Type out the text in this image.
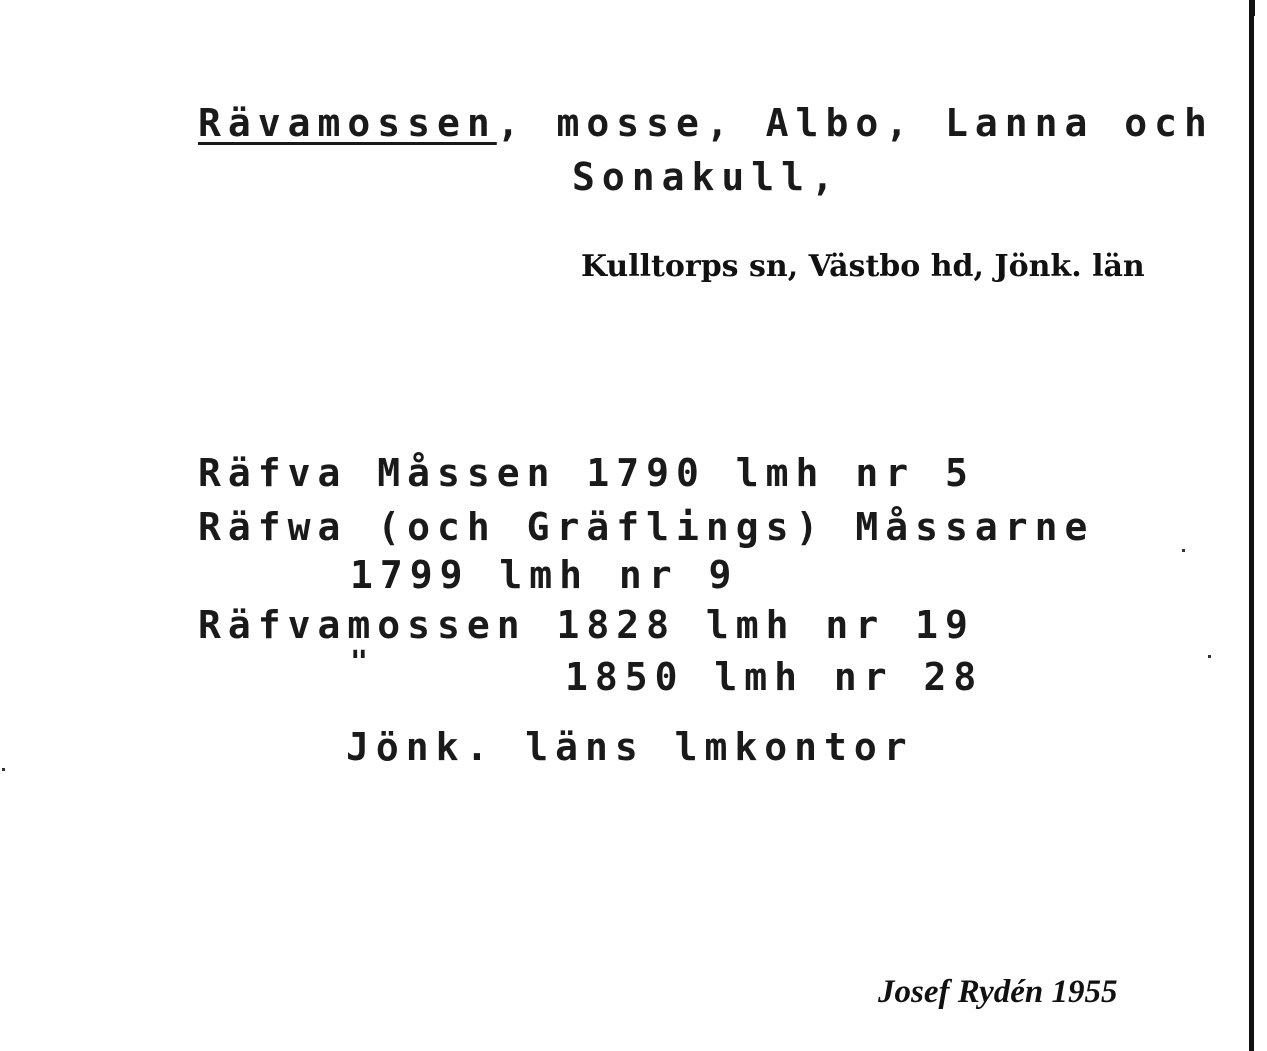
Rävamossen, mosse, Albo, Lanna och
Sonakull,
Kulltorps sn, Västbo hd, Jönk. län
Räfva Måssen 1790 lmh nr 5
Räfwa (och Gräflings) Måssarne
1799 lmh nr 9
Räfvamossen 1828 lmh nr 19
"	1850 lmh nr 28
Jönk. läns lmkontor
Josef Rydén 1955
